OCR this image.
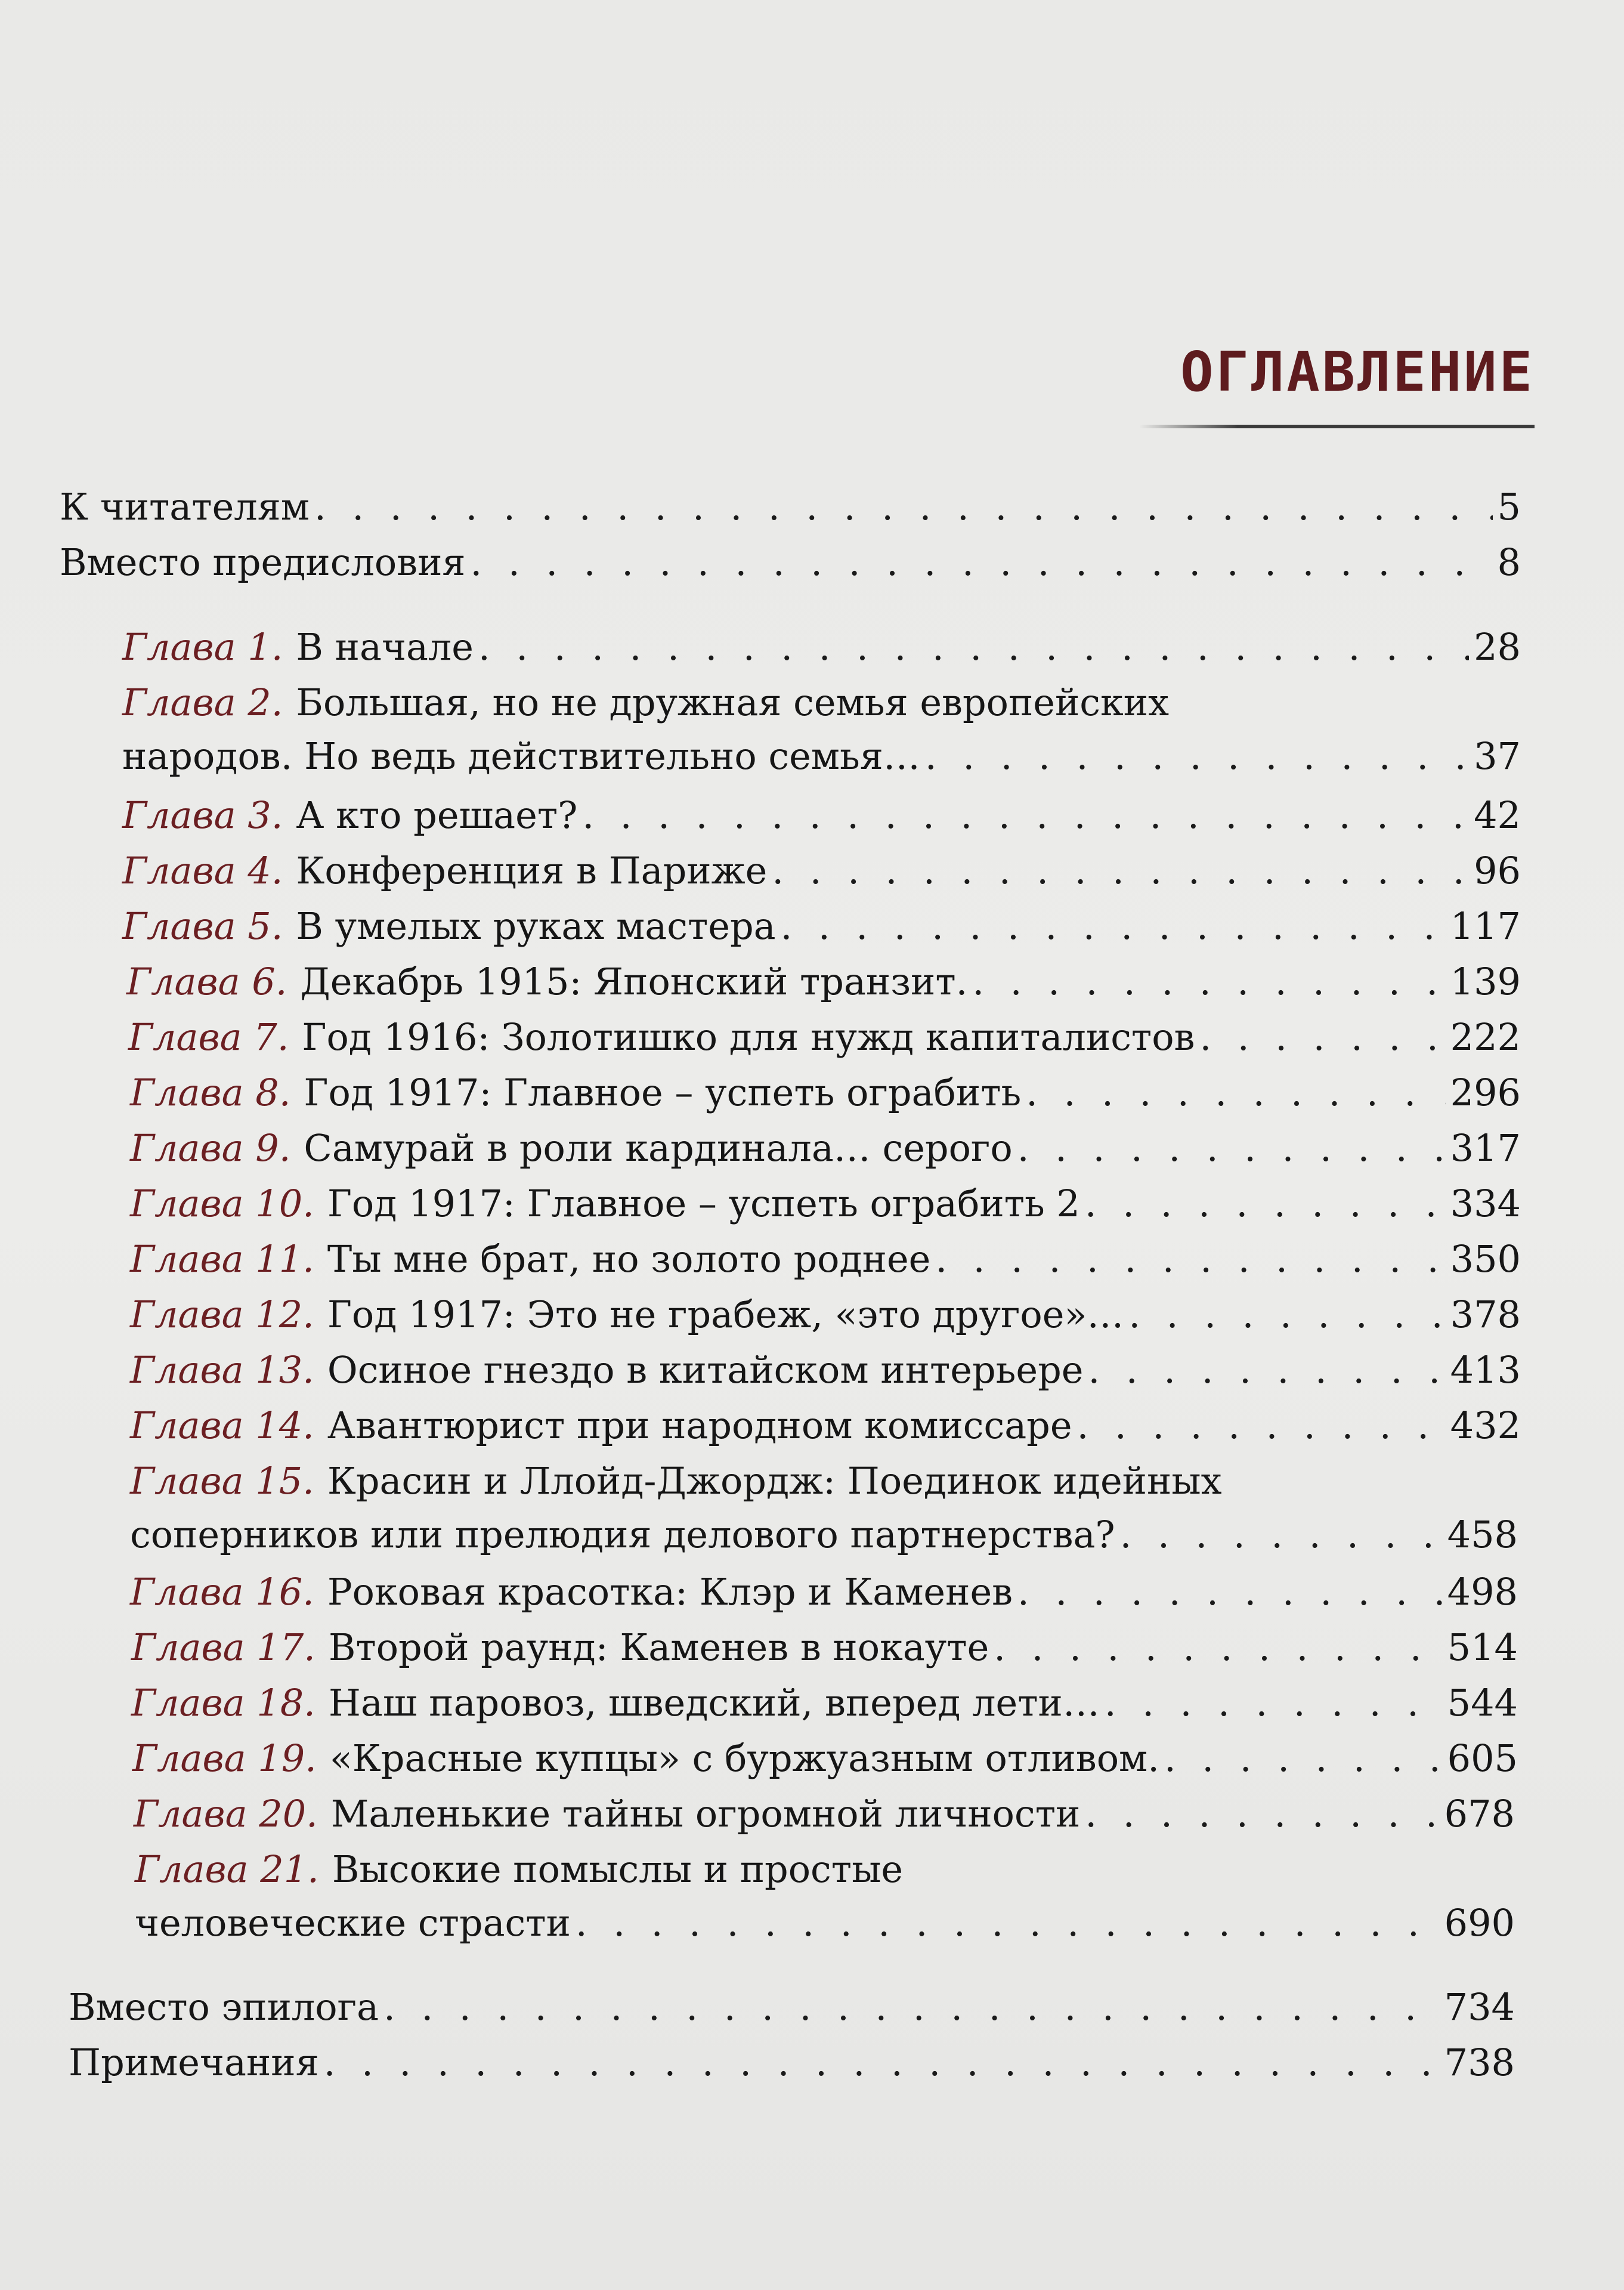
ОГЛАВЛЕНИЕ
К читателям . . .	5
Вместо предисловия . . .	8
Глава 1. В начале . . .	28
Глава 2. Большая, но не дружная семья европейских
народов. Но ведь действительно семья… . . .	37
Глава 3. А кто решает? . . .	42
Глава 4. Конференция в Париже . . .	96
Глава 5. В умелых руках мастера . . .	117
Глава 6. Декабрь 1915: Японский транзит. . . .	139
Глава 7. Год 1916: Золотишко для нужд капиталистов . . .	222
Глава 8. Год 1917: Главное – успеть ограбить . . .	296
Глава 9. Самурай в роли кардинала… серого . . .	317
Глава 10. Год 1917: Главное – успеть ограбить 2 . . .	334
Глава 11. Ты мне брат, но золото роднее . . .	350
Глава 12. Год 1917: Это не грабеж, «это другое»… . . .	378
Глава 13. Осиное гнездо в китайском интерьере . . .	413
Глава 14. Авантюрист при народном комиссаре . . .	432
Глава 15. Красин и Ллойд-Джордж: Поединок идейных
соперников или прелюдия делового партнерства? . . .	458
Глава 16. Роковая красотка: Клэр и Каменев . . .	498
Глава 17. Второй раунд: Каменев в нокауте . . .	514
Глава 18. Наш паровоз, шведский, вперед лети… . . .	544
Глава 19. «Красные купцы» с буржуазным отливом. . . .	605
Глава 20. Маленькие тайны огромной личности . . .	678
Глава 21. Высокие помыслы и простые
человеческие страсти . . .	690
Вместо эпилога . . .	734
Примечания . . .	738
